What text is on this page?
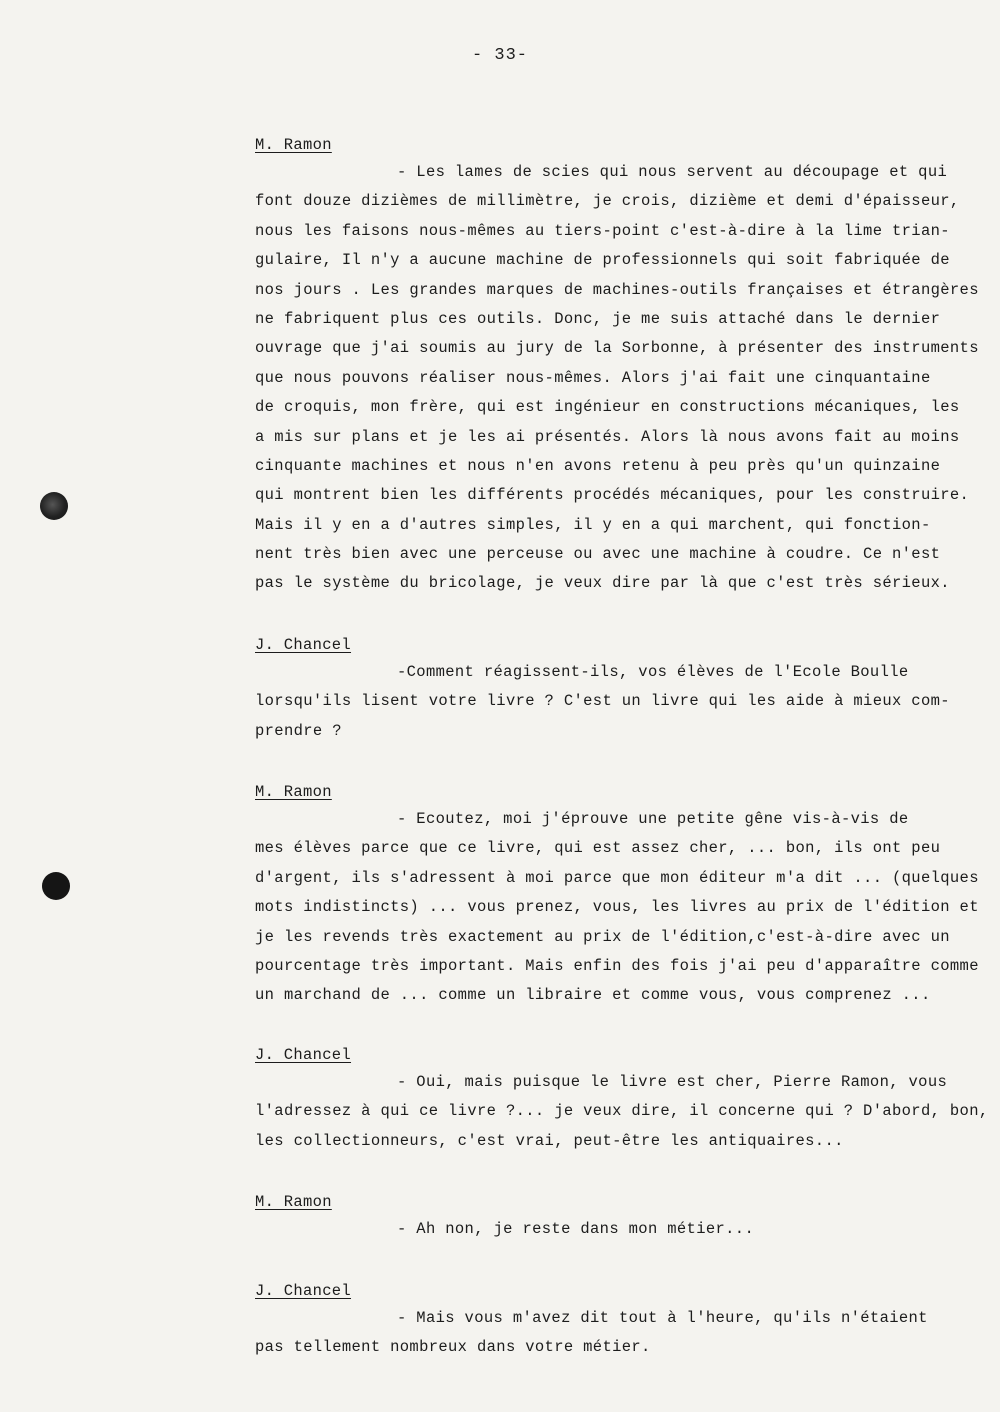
- 33-
M. Ramon
- Les lames de scies qui nous servent au découpage et qui
font douze dizièmes de millimètre, je crois, dizième et demi d'épaisseur,
nous les faisons nous-mêmes au tiers-point c'est-à-dire à la lime trian-
gulaire, Il n'y a aucune machine de professionnels qui soit fabriquée de
nos jours . Les grandes marques de machines-outils françaises et étrangères
ne fabriquent plus ces outils. Donc, je me suis attaché dans le dernier
ouvrage que j'ai soumis au jury de la Sorbonne, à présenter des instruments
que nous pouvons réaliser nous-mêmes. Alors j'ai fait une cinquantaine
de croquis, mon frère, qui est ingénieur en constructions mécaniques, les
a mis sur plans et je les ai présentés. Alors là nous avons fait au moins
cinquante machines et nous n'en avons retenu à peu près qu'un quinzaine
qui montrent bien les différents procédés mécaniques, pour les construire.
Mais il y en a d'autres simples, il y en a qui marchent, qui fonction-
nent très bien avec une perceuse ou avec une machine à coudre. Ce n'est
pas le système du bricolage, je veux dire par là que c'est très sérieux.
J. Chancel
-Comment réagissent-ils, vos élèves de l'Ecole Boulle
lorsqu'ils lisent votre livre ? C'est un livre qui les aide à mieux com-
prendre ?
M. Ramon
- Ecoutez, moi j'éprouve une petite gêne vis-à-vis de
mes élèves parce que ce livre, qui est assez cher, ... bon, ils ont peu
d'argent, ils s'adressent à moi parce que mon éditeur m'a dit ... (quelques
mots indistincts) ... vous prenez, vous, les livres au prix de l'édition et
je les revends très exactement au prix de l'édition,c'est-à-dire avec un
pourcentage très important. Mais enfin des fois j'ai peu d'apparaître comme
un marchand de ... comme un libraire et comme vous, vous comprenez ...
J. Chancel
- Oui, mais puisque le livre est cher, Pierre Ramon, vous
l'adressez à qui ce livre ?... je veux dire, il concerne qui ? D'abord, bon,
les collectionneurs, c'est vrai, peut-être les antiquaires...
M. Ramon
- Ah non, je reste dans mon métier...
J. Chancel
- Mais vous m'avez dit tout à l'heure, qu'ils n'étaient
pas tellement nombreux dans votre métier.
